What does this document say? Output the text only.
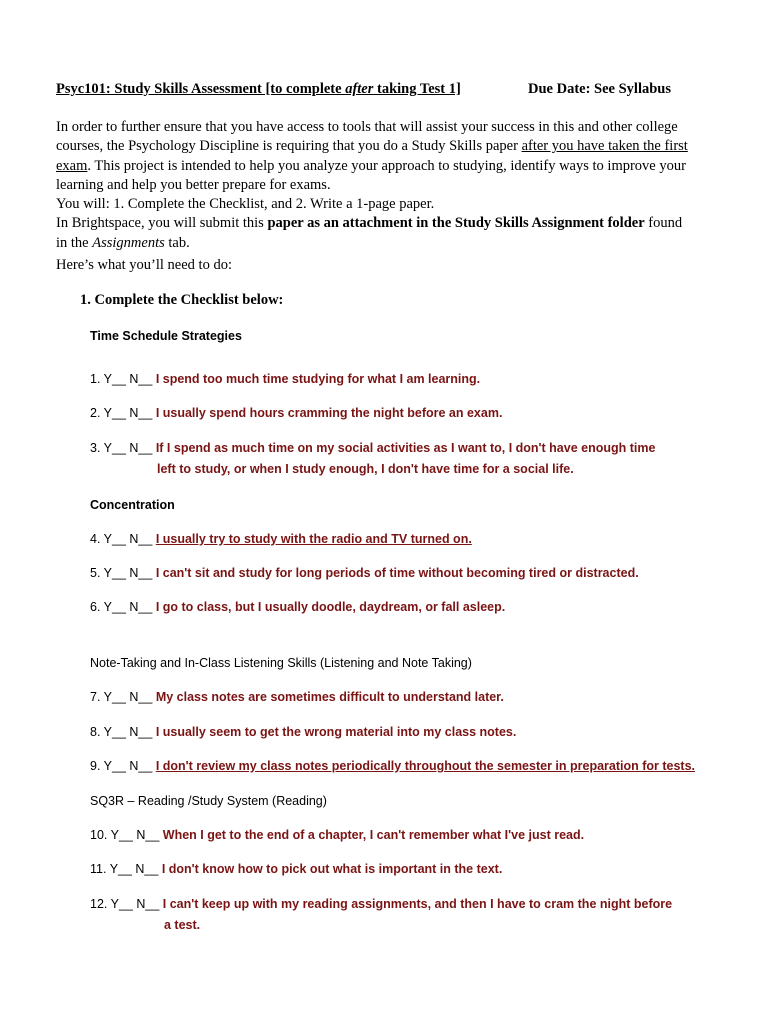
Psyc101: Study Skills Assessment [to complete after taking Test 1]	Due Date: See Syllabus

In order to further ensure that you have access to tools that will assist your success in this and other college courses, the Psychology Discipline is requiring that you do a Study Skills paper after you have taken the first exam. This project is intended to help you analyze your approach to studying, identify ways to improve your learning and help you better prepare for exams.

You will: 1. Complete the Checklist, and 2. Write a 1-page paper.

In Brightspace, you will submit this paper as an attachment in the Study Skills Assignment folder found in the Assignments tab.

Here’s what you’ll need to do:
1. Complete the Checklist below:
Time Schedule Strategies
1. Y__ N__ I spend too much time studying for what I am learning.
2. Y__ N__ I usually spend hours cramming the night before an exam.
3. Y__ N__ If I spend as much time on my social activities as I want to, I don't have enough time
left to study, or when I study enough, I don't have time for a social life.
Concentration
4. Y__ N__ I usually try to study with the radio and TV turned on.
5. Y__ N__ I can't sit and study for long periods of time without becoming tired or distracted.
6. Y__ N__ I go to class, but I usually doodle, daydream, or fall asleep.
Note-Taking and In-Class Listening Skills (Listening and Note Taking)
7. Y__ N__ My class notes are sometimes difficult to understand later.
8. Y__ N__ I usually seem to get the wrong material into my class notes.
9. Y__ N__ I don't review my class notes periodically throughout the semester in preparation for tests.
SQ3R – Reading /Study System (Reading)
10. Y__ N__ When I get to the end of a chapter, I can't remember what I've just read.
11. Y__ N__ I don't know how to pick out what is important in the text.
12. Y__ N__ I can't keep up with my reading assignments, and then I have to cram the night before
a test.
